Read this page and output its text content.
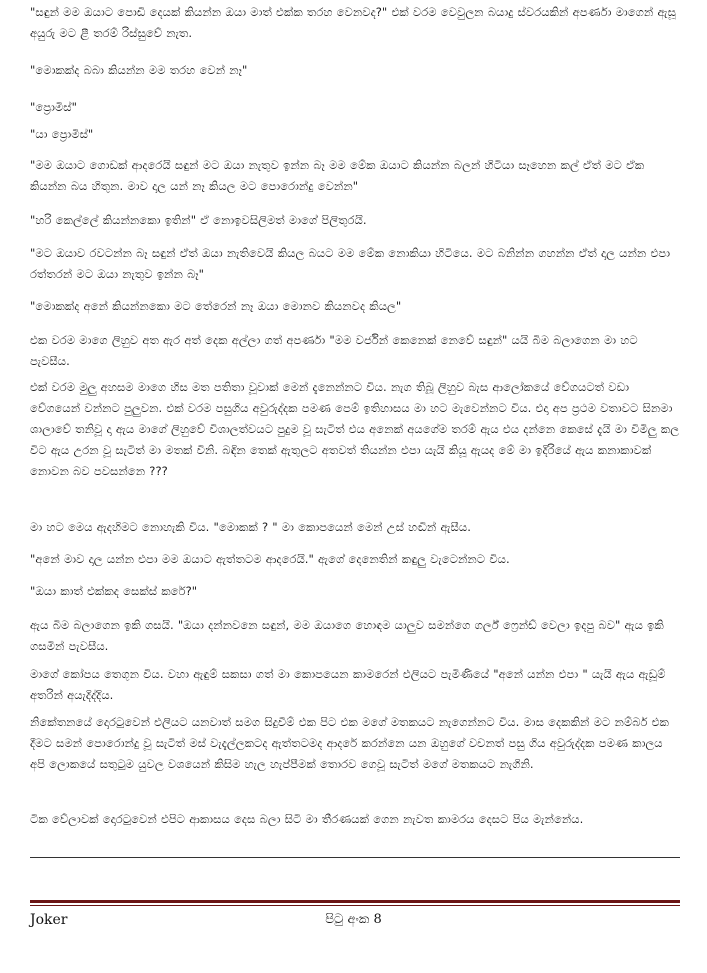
"සඳුන් මම ඔයාට පොඩි දෙයක් කියන්න ඔයා මාත් එක්ක තරහ වෙනවද?" එක් වරම වෙවුලන බයාදු ස්වරයකින් අපර්ණා මාගෙන් ඇසූ අයුරු මට ළී තරම් රිස්සුවේ නැත.

"මොකක්ද බබා කියන්න මම තරහ වෙන් නෑ"

"ප්‍රොමිස්"

"යා ප්‍රොමිස්"

"මම ඔයාට ගොඩක් ආදරෙයි සඳුන් මට ඔයා නැතුව ඉන්න බෑ මම මේක ඔයාට කියන්න බලන් හිටියා සෑහෙන කල් ඒත් මට ඒක කියන්න බය හිතුන. මාව දාල යන් නෑ කියල මට පොරොන්දු වෙන්න"

"හරි කෙල්ලේ කියන්නකො ඉතින්" ඒ නොඉවසිලිමත් මාගේ පිලිතුරයි.

"මට ඔයාව රවටන්න බෑ සඳුන් ඒත් ඔයා නැතිවෙයි කියල බයට මම මේක නොකියා හිටියෙ. මට බනින්න ගහන්න ඒත් දාල යන්න එපා රත්තරන් මට ඔයා නැතුව ඉන්න බෑ"

"මොකක්ද අනේ කියන්නකො මට තේරෙන් නෑ ඔයා මොනව කියනවද කියල"

එක වරම මාගෙ ලිහුව අත ඇර අත් දෙක අල්ලා ගත් අපර්ණා "මම වර්ජින් කෙනෙක් නෙවේ සඳුන්" යයි බිම බලාගෙන මා හට පැවසීය.

එක් වරම මුලු අහසම මාගෙ හිස මත පතිතා වූවාක් මෙන් දැනෙන්නට විය. නැග තිබූ ලිහුව බැස ආලෝකයේ වේගයටත් වඩා වේගයෙන් වන්නට පුලුවන. එක් වරම පසුගිය අවුරුද්දක පමණ පෙම් ඉතිහාසය මා හට මැවෙන්නට විය. එදා අප ප්‍රථම වතාවට සිනමා ශාලාවේ තනිවූ දා ඇය මාගේ ලිහුවේ විශාලත්වයට පුදුම වූ සැටිත් එය අනෙක් අයගේම තරම් ඇය එය දන්නෙ කෙසේ දැයි මා විමිලු කල විට ඇය උරන වූ සැටිත් මා මතක් විනි. බඳින තෙක් ඇතුලට අතවත් තියන්න එපා යැයි කියූ ඇයද මේ මා ඉදිරියේ ඇය කනාකාවක් නොවන බව පවසන්නෙ ???

මා හට මෙය ඇදහිමට නොහැකි විය. "මොකක් ? " මා කොපයෙන් මෙන් උස් හඬින් ඇසීය.

"අනේ මාව දාල යන්න එපා මම ඔයාට ඇත්තටම ආදරෙයි." ඇගේ දෙනෙතින් කඳුලු වැටෙන්නට විය.

"ඔයා කාත් එක්කද සෙක්ස් කරේ?"

ඇය බිම බලාගෙන ඉකි ගසයි. "ඔයා දන්නවනෙ සඳුන්, මම ඔයාගෙ හොඳම යාලුව සමන්ගෙ ගර්ල් ෆ්‍රෙන්ඩ් වෙලා ඉදපු බව" ඇය ඉකි ගසමින් පැවසීය.

මාගේ කෝපය තෙගුන විය. වහා ඇඳුම් සකසා ගත් මා කොපයෙන කාමරෙන් එලියට පැමිණියේ "අනේ යන්න එපා " යැයි ඇය ඇඩූම් අතරින් අයැදිද්දිය.

නිකේතනයේ දොරටුවෙන් එලියට යනවාත් සමග සිදුවීම් එක පිට එක මගේ මතකයට නැගෙන්නට විය. මාස දෙකකින් මට නම්බර් එක දීමට සමන් පොරොන්දු වූ සැටිත් මස් වැදැල්ලකටද ඇත්තටමද ආදරේ කරන්නෙ යන ඔහුගේ වචනත් පසු ගිය අවුරුද්දක පමණ කාලය අපි ලොකයේ සතුටුම යුවල වශයෙන් කිසිම හැල හැප්පීමක් තොරව ගෙවූ සැටිත් මගේ මතකයට නැගිනි.

ටික වේලාවක් දොරටුවෙන් එපිට ආකාසය දෙස බලා සිටි මා තීරණයක් ගෙන නැවත කාමරය දෙසට පිය මැන්නේය.

පිටු අංක 8
Joker
